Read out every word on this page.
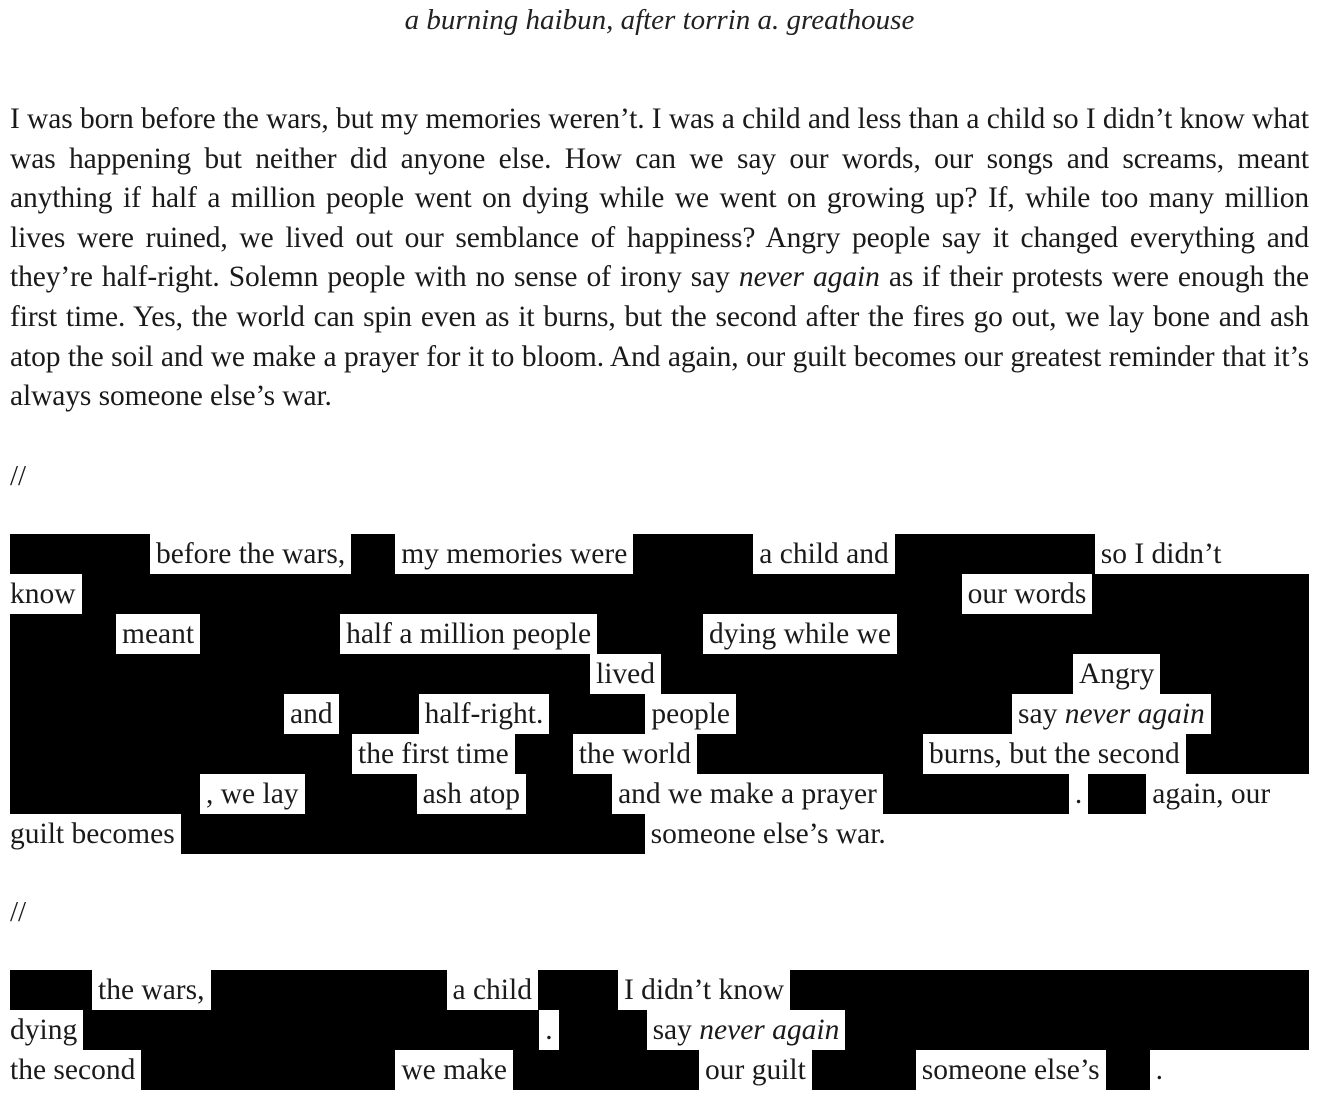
a burning haibun, after torrin a. greathouse
I was born before the wars, but my memories weren’t. I was a child and less than a child so I didn’t know what was happening but neither did anyone else. How can we say our words, our songs and screams, meant anything if half a million people went on dying while we went on growing up? If, while too many million lives were ruined, we lived out our semblance of happiness? Angry people say it changed everything and they’re half-right. Solemn people with no sense of irony say never again as if their protests were enough the first time. Yes, the world can spin even as it burns, but the second after the fires go out, we lay bone and ash atop the soil and we make a prayer for it to bloom. And again, our guilt becomes our greatest reminder that it’s always someone else’s war.
//
before the wars, my memories were	a child and	so I didn’t
know	our words
meant	half a million people	dying while we
lived	Angry
and	half-right.	people	say never again
the first time the world	burns, but the second
, we lay	ash atop	and we make a prayer	. again, our
guilt becomes	someone else’s war.
//
the wars,	a child	I didn’t know
dying	.	say never again
the second	we make	our guilt	someone else’s .
